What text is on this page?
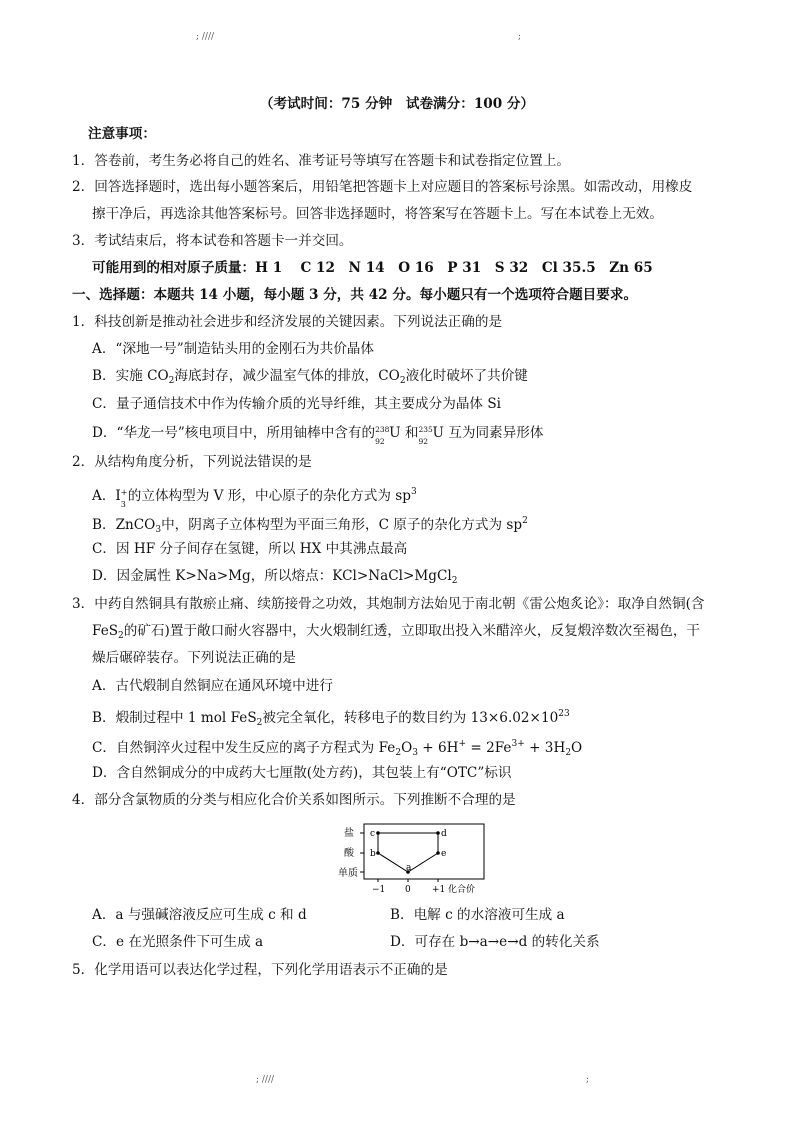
; ////	;
（考试时间：75 分钟　试卷满分：100 分）
注意事项：
1．答卷前，考生务必将自己的姓名、准考证号等填写在答题卡和试卷指定位置上。
2．回答选择题时，选出每小题答案后，用铅笔把答题卡上对应题目的答案标号涂黑。如需改动，用橡皮
擦干净后，再选涂其他答案标号。回答非选择题时，将答案写在答题卡上。写在本试卷上无效。
3．考试结束后，将本试卷和答题卡一并交回。
可能用到的相对原子质量：H 1　 C 12　N 14　O 16　P 31　S 32　Cl 35.5　Zn 65
一、选择题：本题共 14 小题，每小题 3 分，共 42 分。每小题只有一个选项符合题目要求。
1．科技创新是推动社会进步和经济发展的关键因素。下列说法正确的是
A．“深地一号”制造钻头用的金刚石为共价晶体
B．实施 $CO_2$海底封存，减少温室气体的排放，$CO_2$液化时破坏了共价键
C．量子通信技术中作为传输介质的光导纤维，其主要成分为晶体 Si
D．“华龙一号”核电项目中，所用铀棒中含有的 238
92
U 和 235
92
U 互为同素异形体
2．从结构角度分析，下列说法错误的是
A．I +
3
的立体构型为 V 形，中心原子的杂化方式为 $sp^3$
B．ZnCO$_3$中，阴离子立体构型为平面三角形，C 原子的杂化方式为 $sp^2$
C．因 HF 分子间存在氢键，所以 HX 中其沸点最高
D．因金属性 K>Na>Mg，所以熔点：KCl>NaCl>MgCl$_2$
3．中药自然铜具有散瘀止痛、续筋接骨之功效，其炮制方法始见于南北朝《雷公炮炙论》：取净自然铜(含
FeS$_2$的矿石)置于敞口耐火容器中，大火煅制红透，立即取出投入米醋淬火，反复煅淬数次至褐色，干
燥后碾碎装存。下列说法正确的是
A．古代煅制自然铜应在通风环境中进行
B．煅制过程中 1 mol FeS$_2$被完全氧化，转移电子的数目约为 $13\times 6.02\times 10^{23}$
C．自然铜淬火过程中发生反应的离子方程式为 $Fe_2O_3 + 6H^+ = 2Fe^{3+} + 3H_2O$
D．含自然铜成分的中成药大七厘散(处方药)，其包装上有“OTC”标识
4．部分含氯物质的分类与相应化合价关系如图所示。下列推断不合理的是
盐
酸
单质
−1 0 +1 化合价
c
b
a
e
d
A．a 与强碱溶液反应可生成 c 和 d	B．电解 c 的水溶液可生成 a
C．e 在光照条件下可生成 a	D．可存在 b→a→e→d 的转化关系
5．化学用语可以表达化学过程，下列化学用语表示不正确的是
; ////	;
